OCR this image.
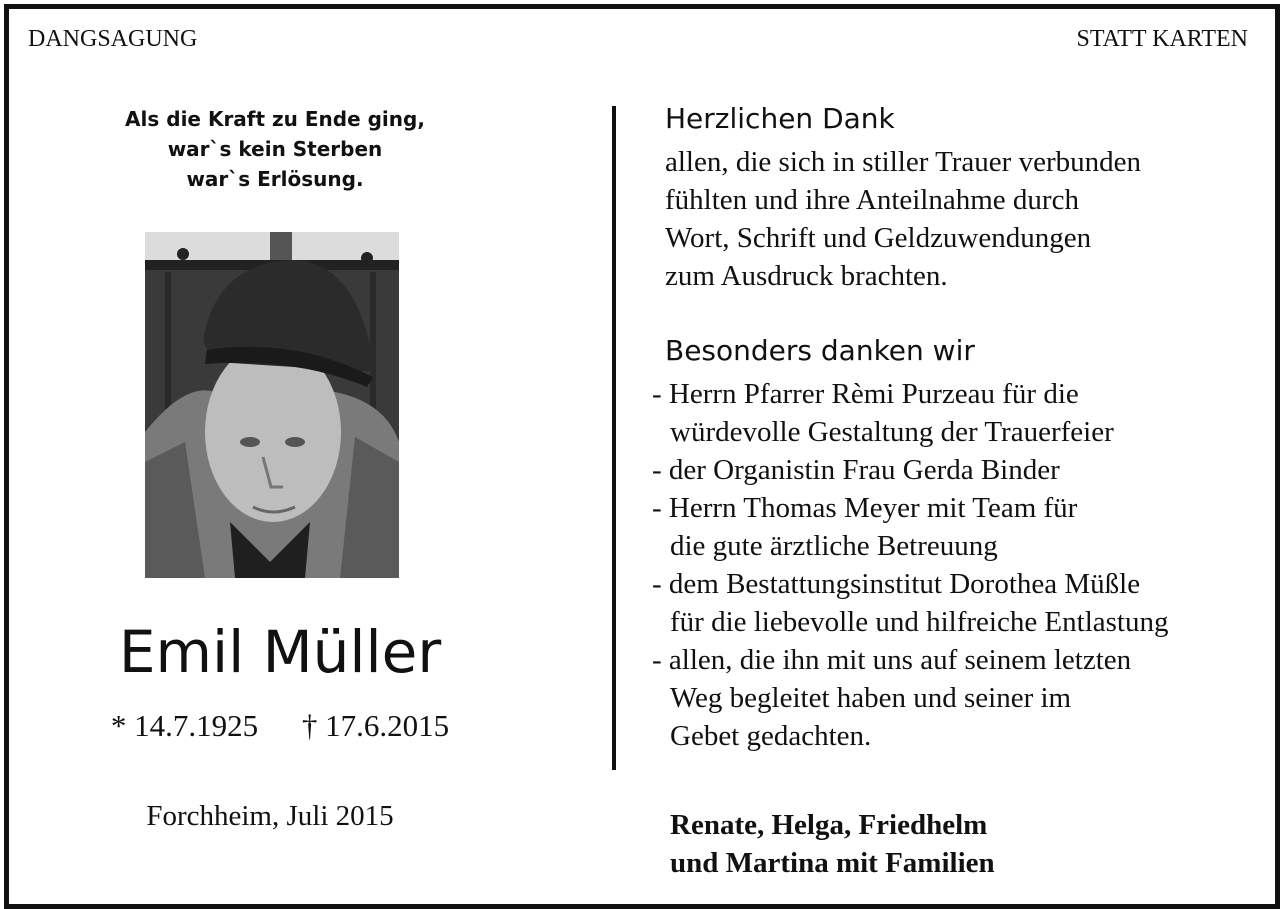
DANGSAGUNG	STATT KARTEN
Als die Kraft zu Ende ging,
war`s kein Sterben
war`s Erlösung.
Emil Müller
* 14.7.1925 † 17.6.2015
Forchheim, Juli 2015
Herzlichen Dank
allen, die sich in stiller Trauer verbunden
fühlten und ihre Anteilnahme durch
Wort, Schrift und Geldzuwendungen
zum Ausdruck brachten.
Besonders danken wir
- Herrn Pfarrer Rèmi Purzeau für die
würdevolle Gestaltung der Trauerfeier
- der Organistin Frau Gerda Binder
- Herrn Thomas Meyer mit Team für
die gute ärztliche Betreuung
- dem Bestattungsinstitut Dorothea Müßle
für die liebevolle und hilfreiche Entlastung
- allen, die ihn mit uns auf seinem letzten
Weg begleitet haben und seiner im
Gebet gedachten.
Renate, Helga, Friedhelm
und Martina mit Familien
